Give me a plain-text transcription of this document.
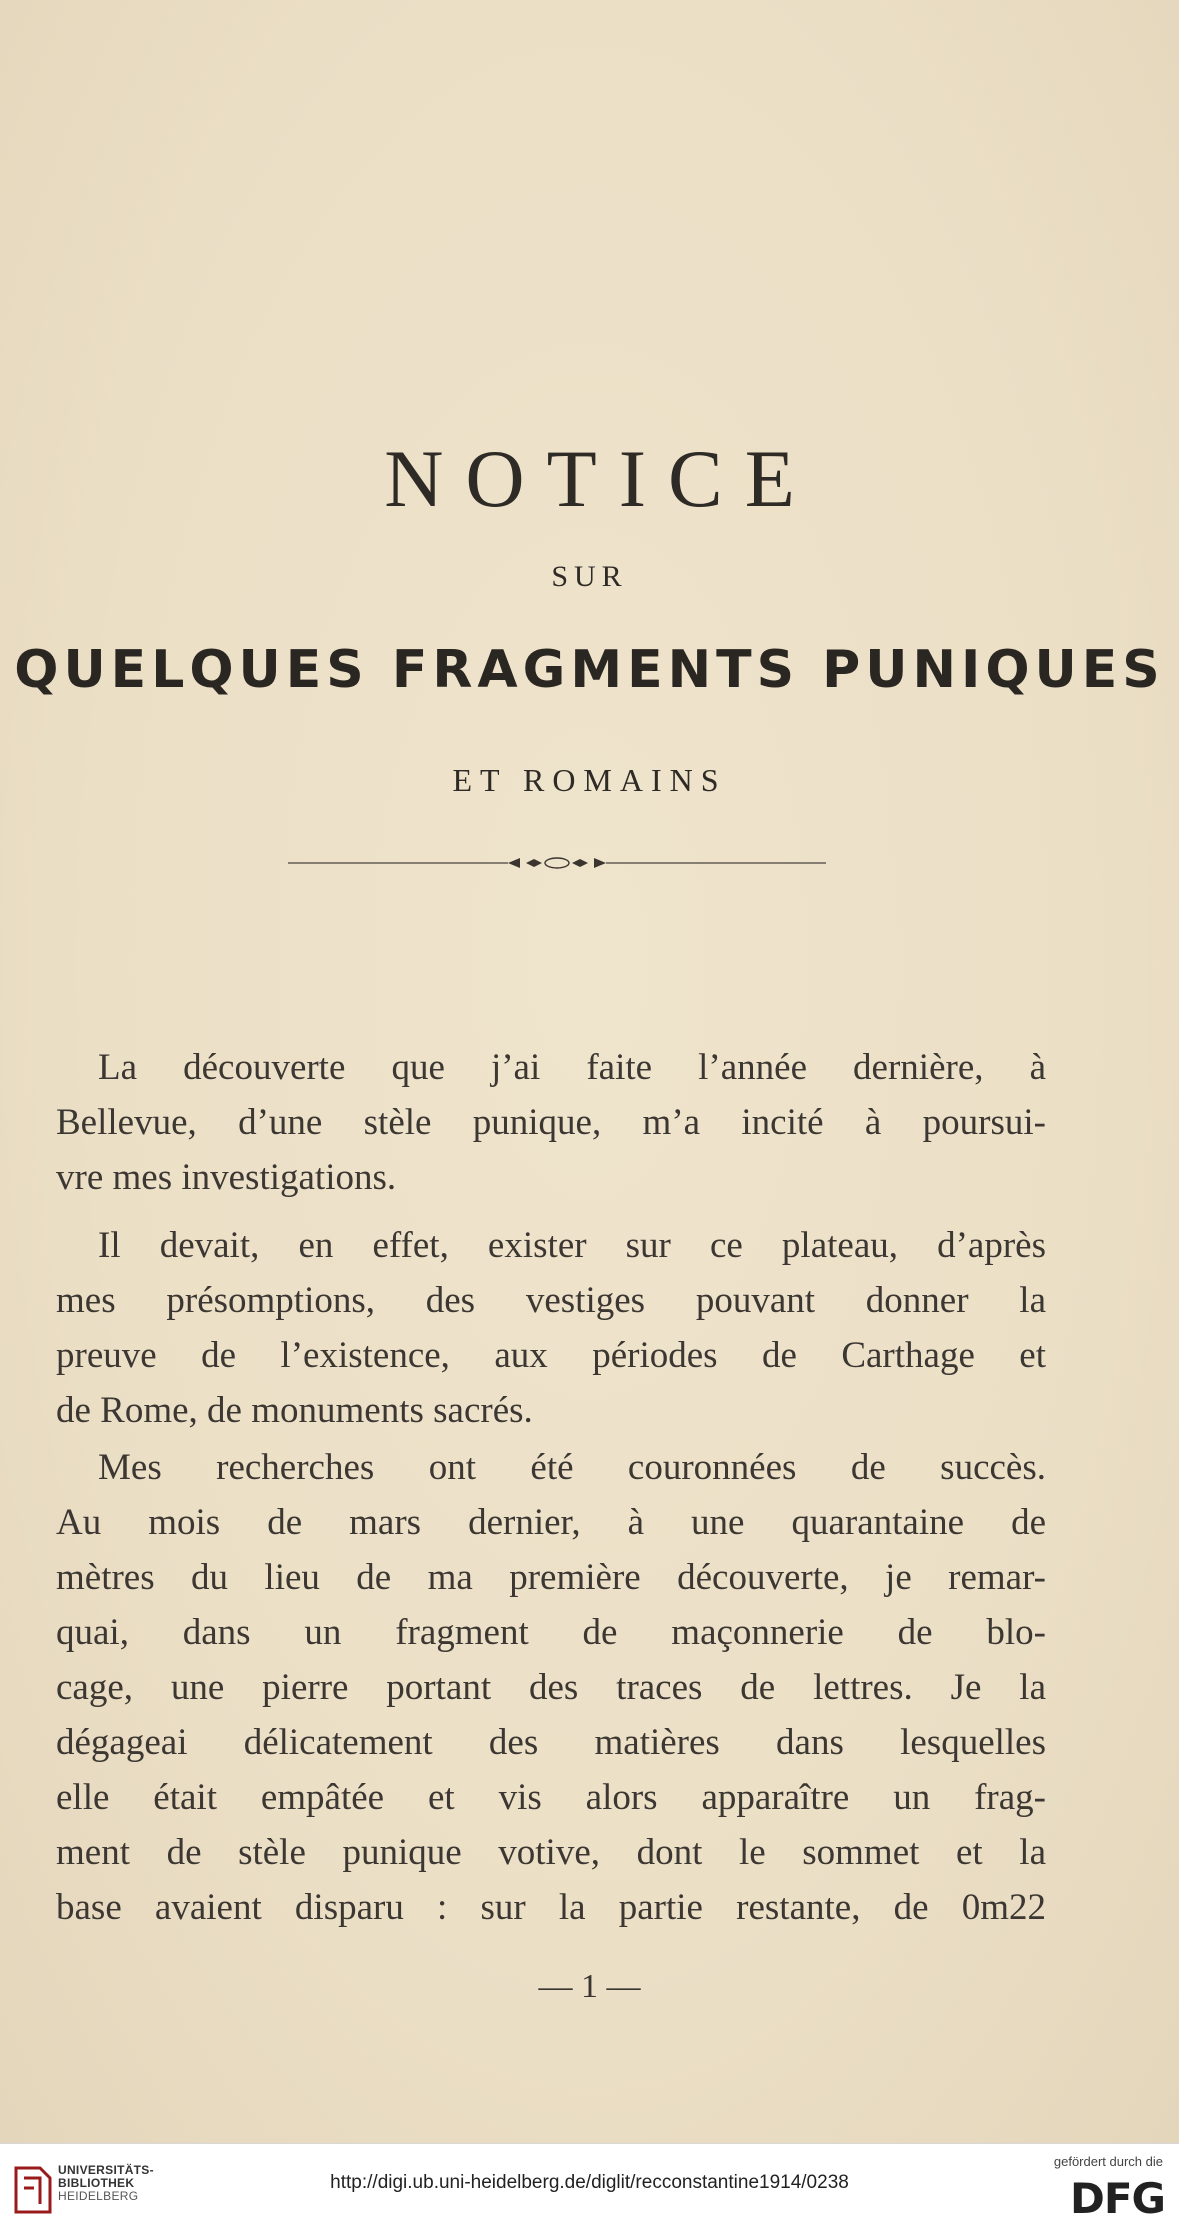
NOTICE
SUR
QUELQUES FRAGMENTS PUNIQUES
ET ROMAINS
La découverte que j’ai faite l’année dernière, à
Bellevue, d’une stèle punique, m’a incité à poursui-
vre mes investigations.
Il devait, en effet, exister sur ce plateau, d’après
mes présomptions, des vestiges pouvant donner la
preuve de l’existence, aux périodes de Carthage et
de Rome, de monuments sacrés.
Mes recherches ont été couronnées de succès.
Au mois de mars dernier, à une quarantaine de
mètres du lieu de ma première découverte, je remar-
quai, dans un fragment de maçonnerie de blo-
cage, une pierre portant des traces de lettres. Je la
dégageai délicatement des matières dans lesquelles
elle était empâtée et vis alors apparaître un frag-
ment de stèle punique votive, dont le sommet et la
base avaient disparu : sur la partie restante, de 0m22
— 1 —
UNIVERSITÄTS-
BIBLIOTHEK
HEIDELBERG
http://digi.ub.uni-heidelberg.de/diglit/recconstantine1914/0238
gefördert durch die
DFG
